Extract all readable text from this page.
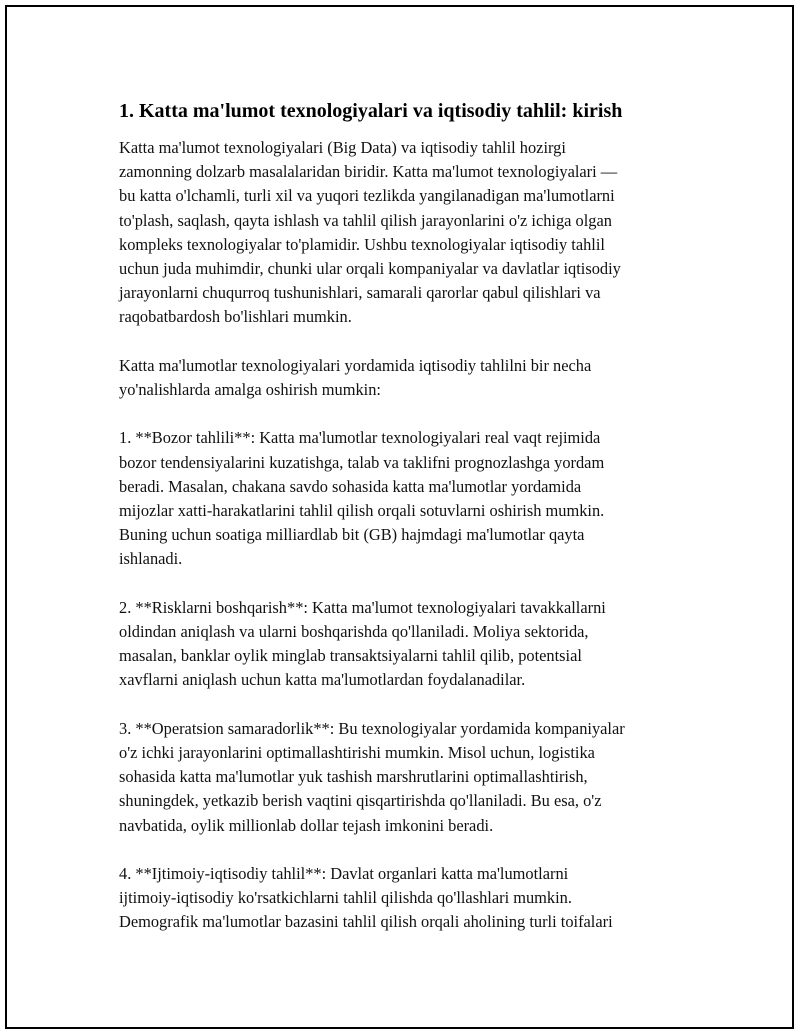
1. Katta ma'lumot texnologiyalari va iqtisodiy tahlil: kirish

Katta ma'lumot texnologiyalari (Big Data) va iqtisodiy tahlil hozirgi
zamonning dolzarb masalalaridan biridir. Katta ma'lumot texnologiyalari —
bu katta o'lchamli, turli xil va yuqori tezlikda yangilanadigan ma'lumotlarni
to'plash, saqlash, qayta ishlash va tahlil qilish jarayonlarini o'z ichiga olgan
kompleks texnologiyalar to'plamidir. Ushbu texnologiyalar iqtisodiy tahlil
uchun juda muhimdir, chunki ular orqali kompaniyalar va davlatlar iqtisodiy
jarayonlarni chuqurroq tushunishlari, samarali qarorlar qabul qilishlari va
raqobatbardosh bo'lishlari mumkin.

Katta ma'lumotlar texnologiyalari yordamida iqtisodiy tahlilni bir necha
yo'nalishlarda amalga oshirish mumkin:

1. **Bozor tahlili**: Katta ma'lumotlar texnologiyalari real vaqt rejimida
bozor tendensiyalarini kuzatishga, talab va taklifni prognozlashga yordam
beradi. Masalan, chakana savdo sohasida katta ma'lumotlar yordamida
mijozlar xatti-harakatlarini tahlil qilish orqali sotuvlarni oshirish mumkin.
Buning uchun soatiga milliardlab bit (GB) hajmdagi ma'lumotlar qayta
ishlanadi.

2. **Risklarni boshqarish**: Katta ma'lumot texnologiyalari tavakkallarni
oldindan aniqlash va ularni boshqarishda qo'llaniladi. Moliya sektorida,
masalan, banklar oylik minglab transaktsiyalarni tahlil qilib, potentsial
xavflarni aniqlash uchun katta ma'lumotlardan foydalanadilar.

3. **Operatsion samaradorlik**: Bu texnologiyalar yordamida kompaniyalar
o'z ichki jarayonlarini optimallashtirishi mumkin. Misol uchun, logistika
sohasida katta ma'lumotlar yuk tashish marshrutlarini optimallashtirish,
shuningdek, yetkazib berish vaqtini qisqartirishda qo'llaniladi. Bu esa, o'z
navbatida, oylik millionlab dollar tejash imkonini beradi.

4. **Ijtimoiy-iqtisodiy tahlil**: Davlat organlari katta ma'lumotlarni
ijtimoiy-iqtisodiy ko'rsatkichlarni tahlil qilishda qo'llashlari mumkin.
Demografik ma'lumotlar bazasini tahlil qilish orqali aholining turli toifalari
